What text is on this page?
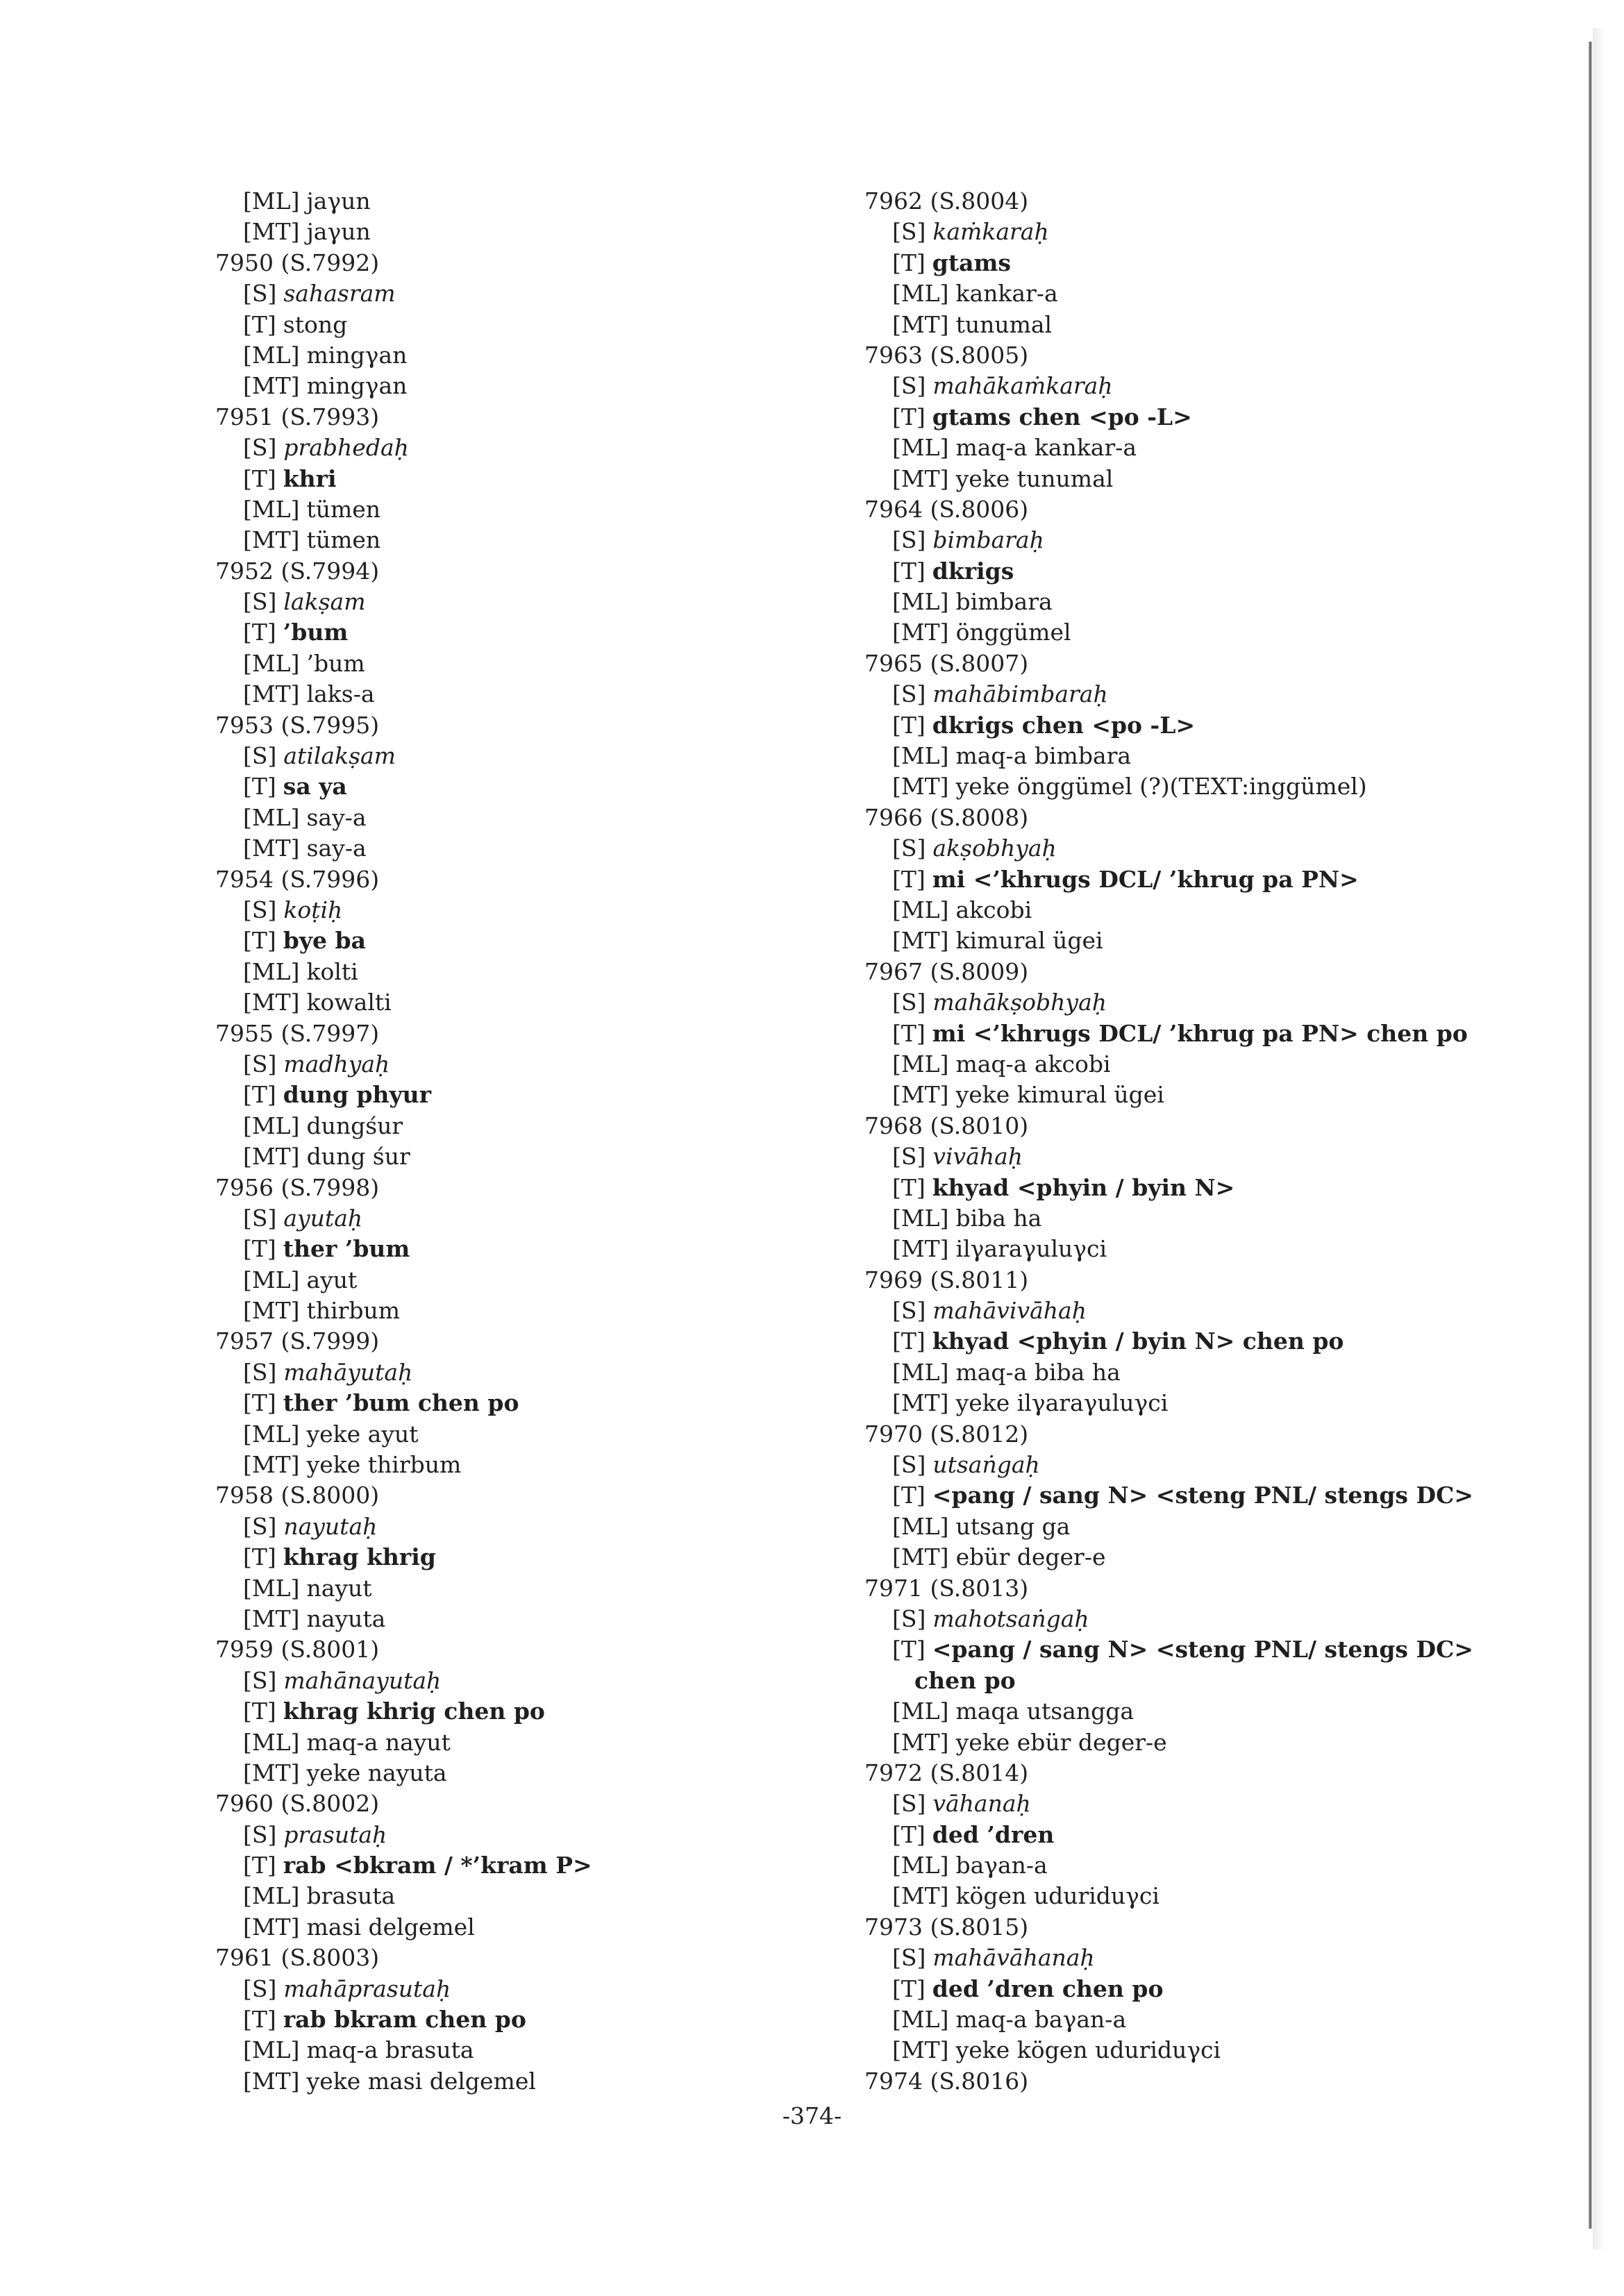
[ML] jaγun
[MT] jaγun
7950 (S.7992)
[S] sahasram
[T] stong
[ML] mingγan
[MT] mingγan
7951 (S.7993)
[S] prabhedaḥ
[T] khri
[ML] tümen
[MT] tümen
7952 (S.7994)
[S] lakṣam
[T] ’bum
[ML] ’bum
[MT] laks-a
7953 (S.7995)
[S] atilakṣam
[T] sa ya
[ML] say-a
[MT] say-a
7954 (S.7996)
[S] koṭiḥ
[T] bye ba
[ML] kolti
[MT] kowalti
7955 (S.7997)
[S] madhyaḥ
[T] dung phyur
[ML] dungśur
[MT] dung śur
7956 (S.7998)
[S] ayutaḥ
[T] ther ’bum
[ML] ayut
[MT] thirbum
7957 (S.7999)
[S] mahāyutaḥ
[T] ther ’bum chen po
[ML] yeke ayut
[MT] yeke thirbum
7958 (S.8000)
[S] nayutaḥ
[T] khrag khrig
[ML] nayut
[MT] nayuta
7959 (S.8001)
[S] mahānayutaḥ
[T] khrag khrig chen po
[ML] maq-a nayut
[MT] yeke nayuta
7960 (S.8002)
[S] prasutaḥ
[T] rab <bkram / *’kram P>
[ML] brasuta
[MT] masi delgemel
7961 (S.8003)
[S] mahāprasutaḥ
[T] rab bkram chen po
[ML] maq-a brasuta
[MT] yeke masi delgemel
7962 (S.8004)
[S] kaṁkaraḥ
[T] gtams
[ML] kankar-a
[MT] tunumal
7963 (S.8005)
[S] mahākaṁkaraḥ
[T] gtams chen <po -L>
[ML] maq-a kankar-a
[MT] yeke tunumal
7964 (S.8006)
[S] bimbaraḥ
[T] dkrigs
[ML] bimbara
[MT] önggümel
7965 (S.8007)
[S] mahābimbaraḥ
[T] dkrigs chen <po -L>
[ML] maq-a bimbara
[MT] yeke önggümel (?)(TEXT:inggümel)
7966 (S.8008)
[S] akṣobhyaḥ
[T] mi <’khrugs DCL/ ’khrug pa PN>
[ML] akcobi
[MT] kimural ügei
7967 (S.8009)
[S] mahākṣobhyaḥ
[T] mi <’khrugs DCL/ ’khrug pa PN> chen po
[ML] maq-a akcobi
[MT] yeke kimural ügei
7968 (S.8010)
[S] vivāhaḥ
[T] khyad <phyin / byin N>
[ML] biba ha
[MT] ilγaraγuluγci
7969 (S.8011)
[S] mahāvivāhaḥ
[T] khyad <phyin / byin N> chen po
[ML] maq-a biba ha
[MT] yeke ilγaraγuluγci
7970 (S.8012)
[S] utsaṅgaḥ
[T] <pang / sang N> <steng PNL/ stengs DC>
[ML] utsang ga
[MT] ebür deger-e
7971 (S.8013)
[S] mahotsaṅgaḥ
[T] <pang / sang N> <steng PNL/ stengs DC>
chen po
[ML] maqa utsangga
[MT] yeke ebür deger-e
7972 (S.8014)
[S] vāhanaḥ
[T] ded ’dren
[ML] baγan-a
[MT] kögen uduriduγci
7973 (S.8015)
[S] mahāvāhanaḥ
[T] ded ’dren chen po
[ML] maq-a baγan-a
[MT] yeke kögen uduriduγci
7974 (S.8016)
-374-
